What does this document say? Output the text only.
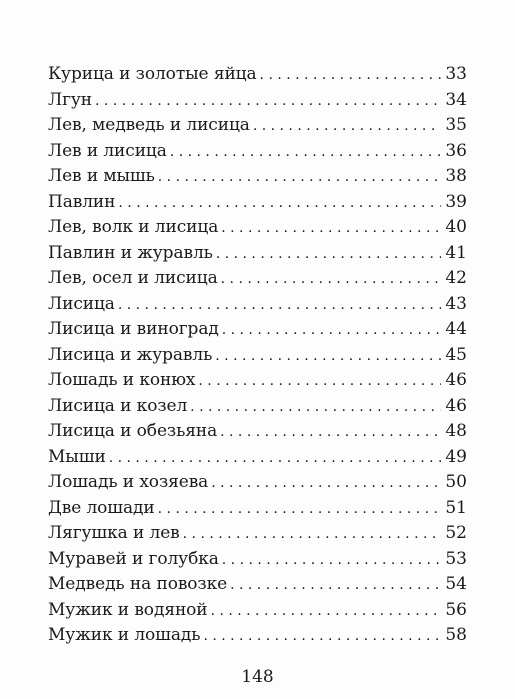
Курица и золотые яйца . . .	33
Лгун . . .	34
Лев, медведь и лисица . . .	35
Лев и лисица . . .	36
Лев и мышь . . .	38
Павлин . . .	39
Лев, волк и лисица . . .	40
Павлин и журавль . . .	41
Лев, осел и лисица . . .	42
Лисица . . .	43
Лисица и виноград . . .	44
Лисица и журавль . . .	45
Лошадь и конюх . . .	46
Лисица и козел . . .	46
Лисица и обезьяна . . .	48
Мыши . . .	49
Лошадь и хозяева . . .	50
Две лошади . . .	51
Лягушка и лев . . .	52
Муравей и голубка . . .	53
Медведь на повозке . . .	54
Мужик и водяной . . .	56
Мужик и лошадь . . .	58
148
